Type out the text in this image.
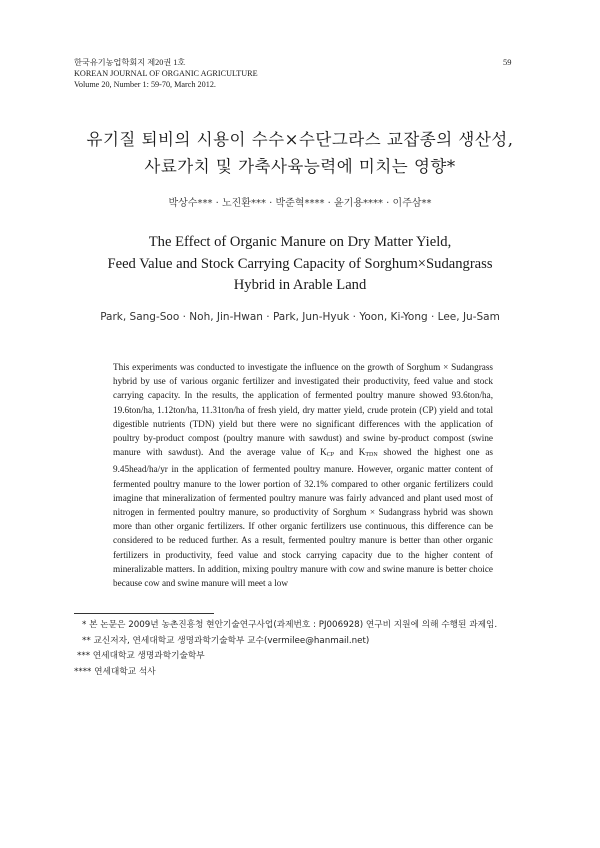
한국유기농업학회지 제20권 1호
KOREAN JOURNAL OF ORGANIC AGRICULTURE
Volume 20, Number 1: 59-70, March 2012.
59
유기질 퇴비의 시용이 수수×수단그라스 교잡종의 생산성,
사료가치 및 가축사육능력에 미치는 영향*
박상수*** · 노진환*** · 박준혁**** · 윤기용**** · 이주삼**
The Effect of Organic Manure on Dry Matter Yield,
Feed Value and Stock Carrying Capacity of Sorghum×Sudangrass
Hybrid in Arable Land
Park, Sang-Soo · Noh, Jin-Hwan · Park, Jun-Hyuk · Yoon, Ki-Yong · Lee, Ju-Sam

This experiments was conducted to investigate the influence on the growth of Sorghum × Sudangrass hybrid by use of various organic fertilizer and investigated their productivity, feed value and stock carrying capacity. In the results, the application of fermented poultry manure showed 93.6ton/ha, 19.6ton/ha, 1.12ton/ha, 11.31ton/ha of fresh yield, dry matter yield, crude protein (CP) yield and total digestible nutrients (TDN) yield but there were no significant differences with the application of poultry by-product compost (poultry manure with sawdust) and swine by-product compost (swine manure with sawdust). And the average value of KCP and KTDN showed the highest one as 9.45head/ha/yr in the application of fermented poultry manure. However, organic matter content of fermented poultry manure to the lower portion of 32.1% compared to other organic fertilizers could imagine that mineralization of fermented poultry manure was fairly advanced and plant used most of nitrogen in fermented poultry manure, so productivity of Sorghum × Sudangrass hybrid was shown more than other organic fertilizers. If other organic fertilizers use continuous, this difference can be considered to be reduced further. As a result, fermented poultry manure is better than other organic fertilizers in productivity, feed value and stock carrying capacity due to the higher content of mineralizable matters. In addition, mixing poultry manure with cow and swine manure is better choice because cow and swine manure will meet a low

* 본 논문은 2009년 농촌진흥청 현안기술연구사업(과제번호 : PJ006928) 연구비 지원에 의해 수행된 과제임.
** 교신저자, 연세대학교 생명과학기술학부 교수(vermilee@hanmail.net)
*** 연세대학교 생명과학기술학부
**** 연세대학교 석사
